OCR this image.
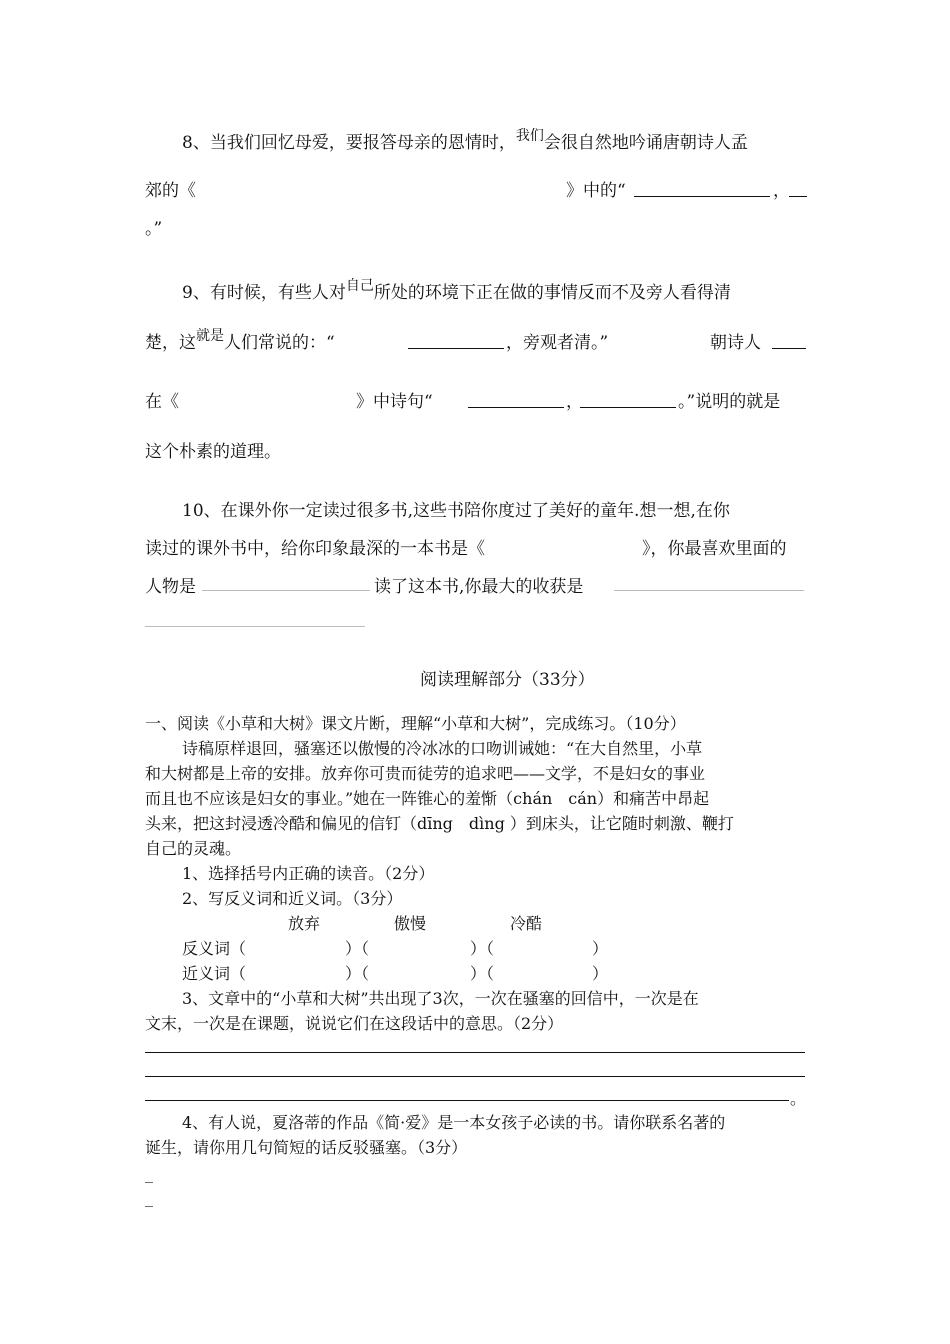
8、当我们回忆母爱，要报答母亲的恩情时，$^{我们}$会很自然地吟诵唐朝诗人孟
郊的《	》中的“	，
。”
9、有时候，有些人对$^{自己}$所处的环境下正在做的事情反而不及旁人看得清
楚，这$^{就是}$人们常说的：“	，旁观者清。”	朝诗人
在《	》中诗句“	，	。”说明的就是
这个朴素的道理。
10、在课外你一定读过很多书,这些书陪你度过了美好的童年.想一想,在你
读过的课外书中，给你印象最深的一本书是《	》，你最喜欢里面的
人物是	读了这本书,你最大的收获是
阅读理解部分（33分）
一、阅读《小草和大树》课文片断，理解“小草和大树”，完成练习。（10分）
诗稿原样退回，骚塞还以傲慢的冷冰冰的口吻训诫她：“在大自然里，小草
和大树都是上帝的安排。放弃你可贵而徒劳的追求吧——文学，不是妇女的事业
而且也不应该是妇女的事业。”她在一阵锥心的羞惭（chán　cán）和痛苦中昂起
头来，把这封浸透冷酷和偏见的信钉（dīng　dìng ）到床头，让它随时刺激、鞭打
自己的灵魂。
1、选择括号内正确的读音。（2分）
2、写反义词和近义词。（3分）
放弃	傲慢	冷酷
反义词（	）（	）（	）
近义词（	）（	）（	）
3、文章中的“小草和大树”共出现了3次，一次在骚塞的回信中，一次是在
文末，一次是在课题，说说它们在这段话中的意思。（2分）
。
4、有人说，夏洛蒂的作品《简·爱》是一本女孩子必读的书。请你联系名著的
诞生，请你用几句简短的话反驳骚塞。（3分）
_
_
